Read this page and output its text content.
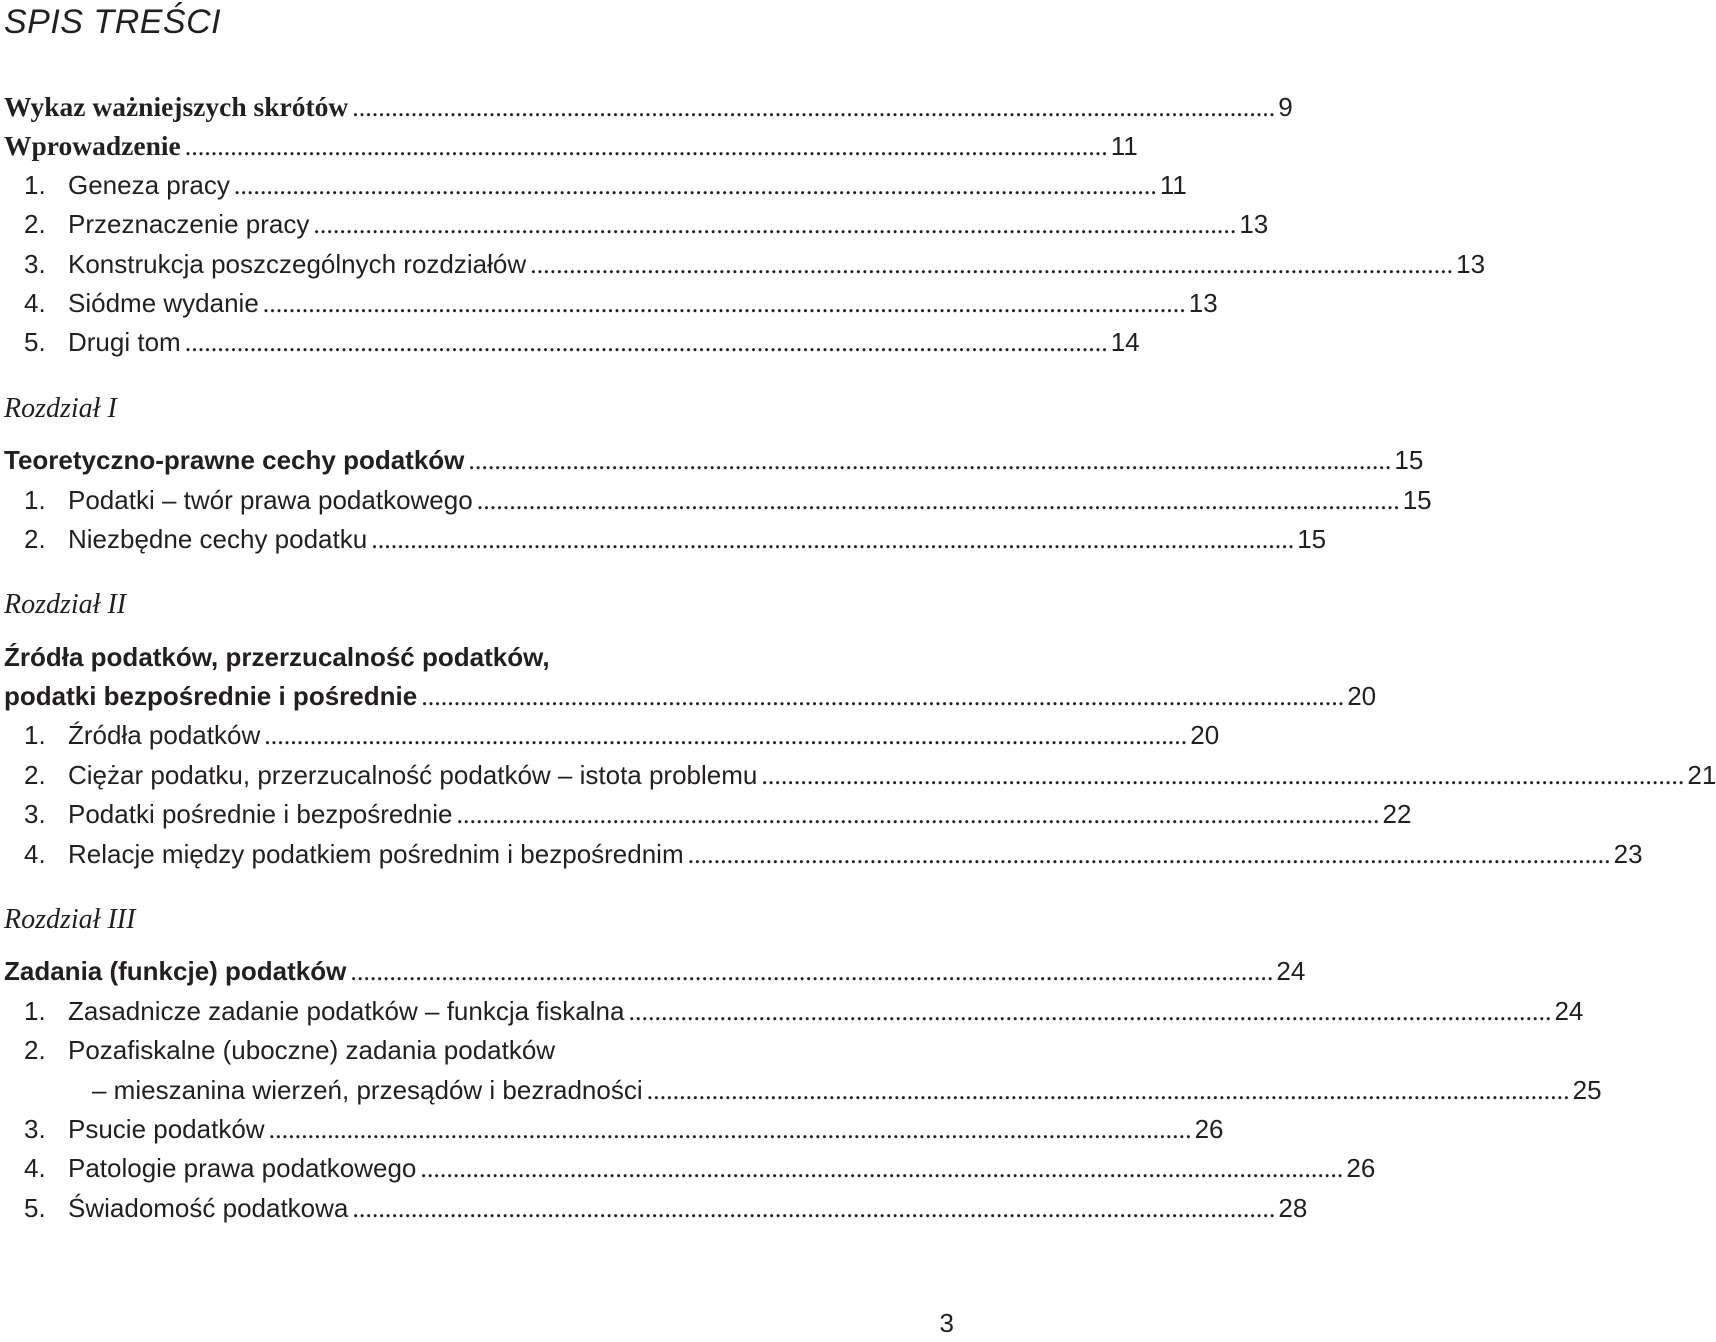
SPIS TREŚCI
Wykaz ważniejszych skrótów .............................................................................................................................................. 9
Wprowadzenie .............................................................................................................................................. 11
1. Geneza pracy .............................................................................................................................................. 11
2. Przeznaczenie pracy .............................................................................................................................................. 13
3. Konstrukcja poszczególnych rozdziałów .............................................................................................................................................. 13
4. Siódme wydanie .............................................................................................................................................. 13
5. Drugi tom .............................................................................................................................................. 14
Rozdział I
Teoretyczno-prawne cechy podatków .............................................................................................................................................. 15
1. Podatki – twór prawa podatkowego .............................................................................................................................................. 15
2. Niezbędne cechy podatku .............................................................................................................................................. 15
Rozdział II
Źródła podatków, przerzucalność podatków,
podatki bezpośrednie i pośrednie .............................................................................................................................................. 20
1. Źródła podatków .............................................................................................................................................. 20
2. Ciężar podatku, przerzucalność podatków – istota problemu .............................................................................................................................................. 21
3. Podatki pośrednie i bezpośrednie .............................................................................................................................................. 22
4. Relacje między podatkiem pośrednim i bezpośrednim .............................................................................................................................................. 23
Rozdział III
Zadania (funkcje) podatków .............................................................................................................................................. 24
1. Zasadnicze zadanie podatków – funkcja fiskalna .............................................................................................................................................. 24
2. Pozafiskalne (uboczne) zadania podatków
– mieszanina wierzeń, przesądów i bezradności .............................................................................................................................................. 25
3. Psucie podatków .............................................................................................................................................. 26
4. Patologie prawa podatkowego .............................................................................................................................................. 26
5. Świadomość podatkowa .............................................................................................................................................. 28
3
